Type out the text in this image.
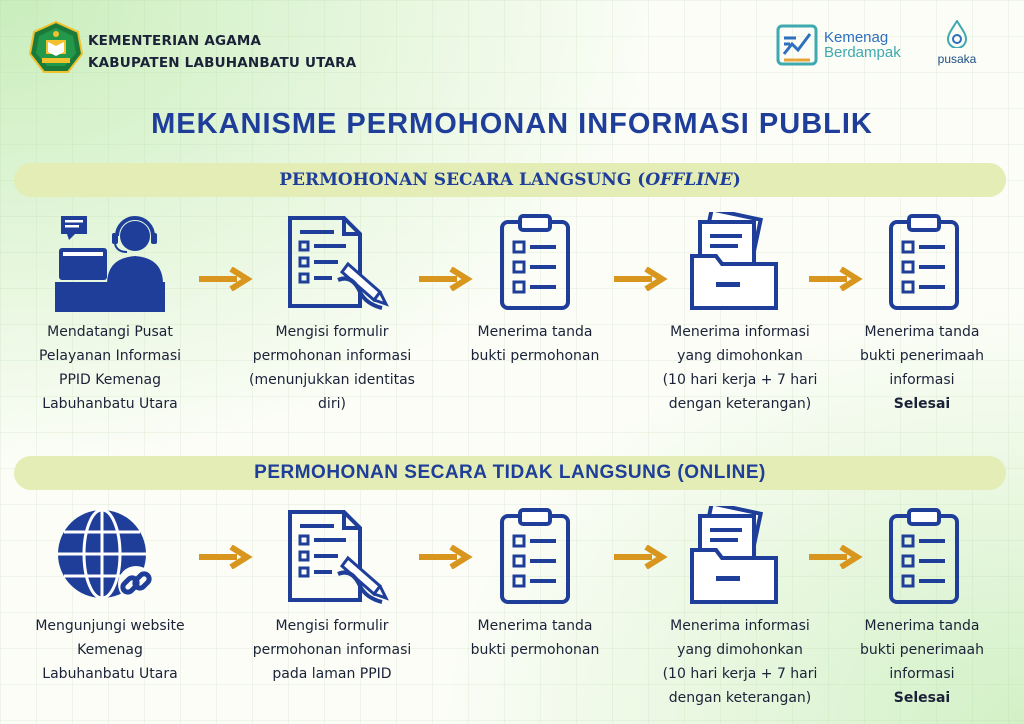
KEMENTERIAN AGAMA
KABUPATEN LABUHANBATU UTARA
Kemenag
Berdampak	pusaka
MEKANISME PERMOHONAN INFORMASI PUBLIK
PERMOHONAN SECARA LANGSUNG (OFFLINE)
PERMOHONAN SECARA TIDAK LANGSUNG (ONLINE)
Mendatangi Pusat
Pelayanan Informasi
PPID Kemenag
Labuhanbatu Utara
Mengisi formulir
permohonan informasi
(menunjukkan identitas
diri)
Menerima tanda
bukti permohonan
Menerima informasi
yang dimohonkan
(10 hari kerja + 7 hari
dengan keterangan)
Menerima tanda
bukti penerimaah
informasi
Selesai
Mengunjungi website
Kemenag
Labuhanbatu Utara
Mengisi formulir
permohonan informasi
pada laman PPID
Menerima tanda
bukti permohonan
Menerima informasi
yang dimohonkan
(10 hari kerja + 7 hari
dengan keterangan)
Menerima tanda
bukti penerimaah
informasi
Selesai
